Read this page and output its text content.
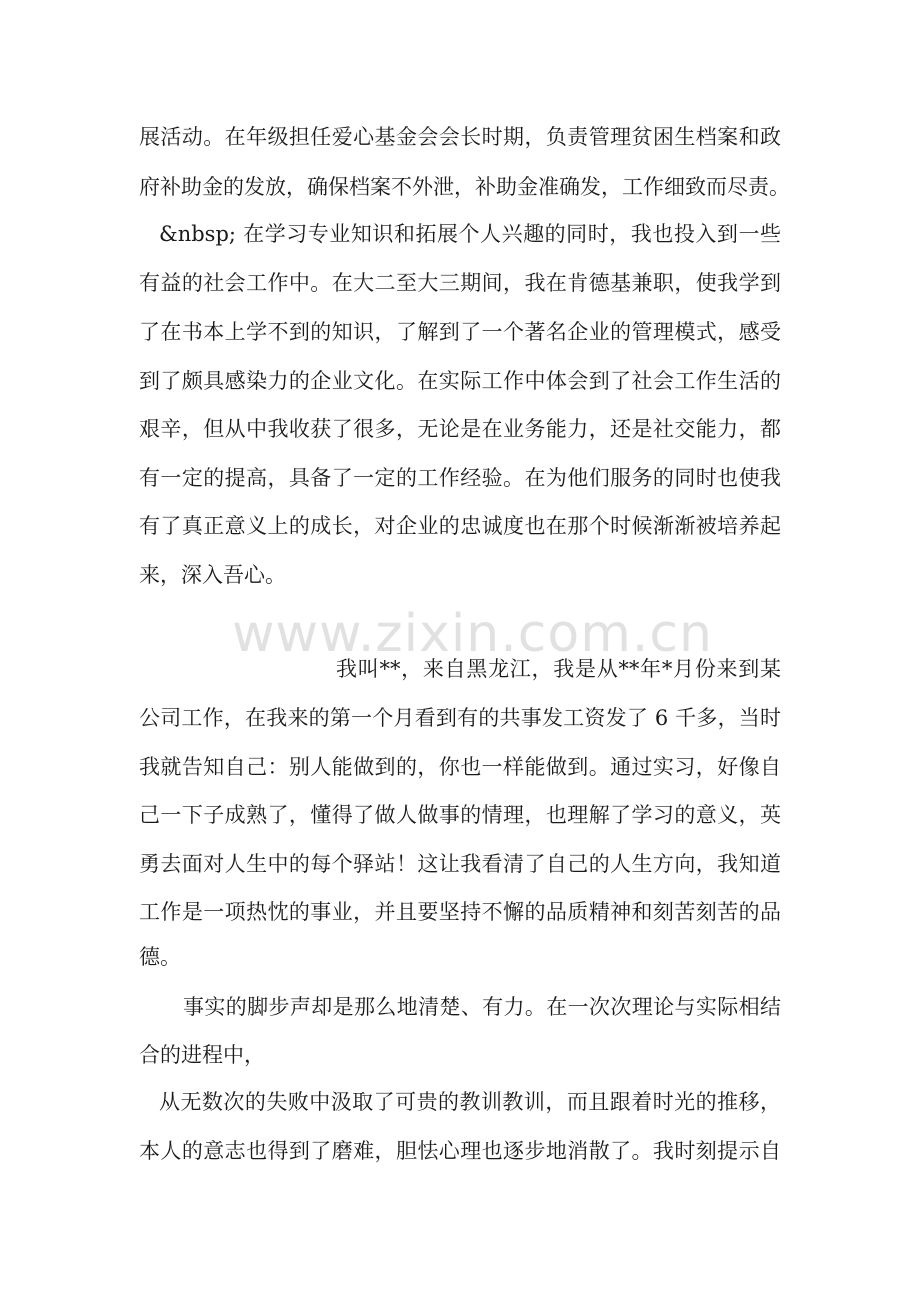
www.zixin.com.cn
展活动。在年级担任爱心基金会会长时期，负责管理贫困生档案和政
府补助金的发放，确保档案不外泄，补助金准确发，工作细致而尽责。
&nbsp; 在学习专业知识和拓展个人兴趣的同时，我也投入到一些
有益的社会工作中。在大二至大三期间，我在肯德基兼职，使我学到
了在书本上学不到的知识，了解到了一个著名企业的管理模式，感受
到了颇具感染力的企业文化。在实际工作中体会到了社会工作生活的
艰辛，但从中我收获了很多，无论是在业务能力，还是社交能力，都
有一定的提高，具备了一定的工作经验。在为他们服务的同时也使我
有了真正意义上的成长，对企业的忠诚度也在那个时候渐渐被培养起
来，深入吾心。
我叫**，来自黑龙江，我是从**年*月份来到某
公司工作，在我来的第一个月看到有的共事发工资发了 6 千多，当时
我就告知自己：别人能做到的，你也一样能做到。通过实习，好像自
己一下子成熟了，懂得了做人做事的情理，也理解了学习的意义，英
勇去面对人生中的每个驿站！这让我看清了自己的人生方向，我知道
工作是一项热忱的事业，并且要坚持不懈的品质精神和刻苦刻苦的品
德。
事实的脚步声却是那么地清楚、有力。在一次次理论与实际相结
合的进程中，
从无数次的失败中汲取了可贵的教训教训，而且跟着时光的推移，
本人的意志也得到了磨难，胆怯心理也逐步地消散了。我时刻提示自
